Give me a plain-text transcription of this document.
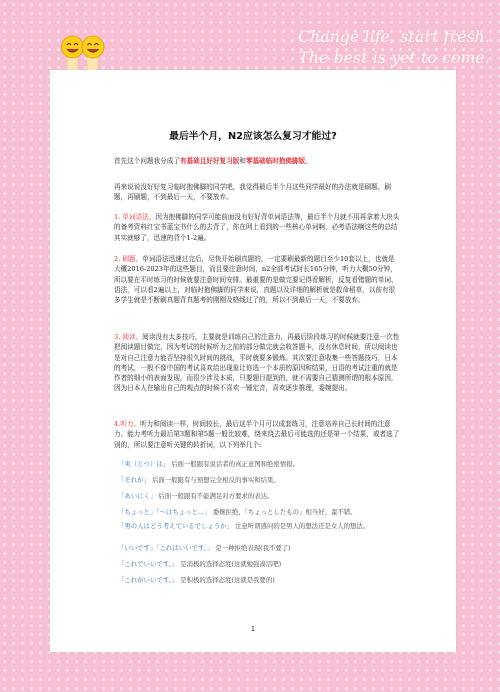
Change life, start fresh.
The best is yet to come.
最后半个月，N2应该怎么复习才能过?
首先这个问题我分成了有基础且好好复习版和零基础临时抱佛脚版。
再来说说没好好复习临时抱佛脚的同学吧，我觉得最后半个月这些同学最好的办法就是刷题，刷题，再刷题，不到最后一天，不要放弃。
1. 单词语法。因为抱佛脚的同学可能前面没有好好背单词语法等，最后半个月就不用再拿着大块头的备考资料红宝书蓝宝书什么的去背了，你在网上看到的一些核心单词啊，必考语法啊这些的总结其实就够了，迅速的背个1-2遍。
2. 刷题。单词语法迅速过完后，尽快开始刷真题的，一定要刷最新的题目至少10套以上，也就是大概2016-2023年的这些题目，而且要注意时间，n2全部考试时长165分钟，听力大概50分钟，所以要在平时练习的时候就要注意时间安排。最重要的是做完要记得看解析，反复看错题的单词、语法，可以看2遍以上，对临时抱佛脚的同学来说，真题以及详细的解析就是救命稻草，以前有很多学生就是不断刷真题背真题考的刚刚及格线过了的，所以不到最后一天，不要放弃。
3. 阅读。阅读没有太多技巧，主要就是训练自己的注意力，再最后阶段练习的时候就要注意一次性把阅读题目做完，因为考试的时候听力之前的部分做完就会收答题卡，没有休息时间，所以阅读也是对自己注意力能否坚持很久时间的挑战，平时就要多锻炼。其次要注意收集一些答题技巧，日本的考试，一般不像中国的考试喜欢给出现象让你选一个本质的原因和结果，日语的考试注重的就是作者的细小的表面发现，而很少涉及本质，只要题目提到的，就不需要自己猜测所谓的根本原因，因为日本人在输出自己的观点的时候不喜欢一锤定音，喜欢逐步推理，委婉提出。
4.听力。听力和阅读一样，时间较长，最后这半个月可以成套练习，注意培养自己长时间的注意力。能力考听力最后第3题和第5题一般比较难，绕来绕去最后可能选的还是第一个结果，或者选了别的，所以要注意听关键的转折词，以下列举几个:
「実（じつ）は」 后面一般跟有说话者的真正意图和绝密情报。
「それが」 后面一般跟有与预想完全相反的事实和结果。
「あいにく」 后面一般跟有不能满足对方要求的表达。
「ちょっと」「～はちょっと…」 委婉拒绝，「ちょっとしたもの」相当好、蛮不错。
「男の人はどう考えているでしょうか」 注意听谓惑问的是男人的想法还是女人的想法。
「いいです」「これはいいです。」 是一种拒绝表现(我不要了)
「これでいいです。」 是消极的选择态度(这就勉强凑活吧)
「これがいいです。」 是积极的选择态度(这就是我要的)
1
